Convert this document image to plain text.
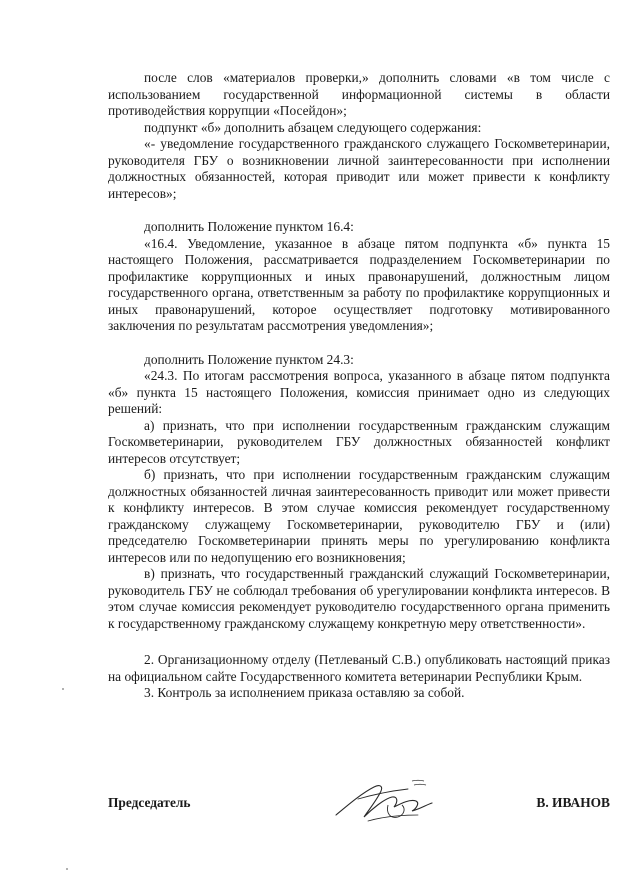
после слов «материалов проверки,» дополнить словами «в том числе с использованием государственной информационной системы в области противодействия коррупции «Посейдон»;

подпункт «б» дополнить абзацем следующего содержания:

«- уведомление государственного гражданского служащего Госкомветеринарии, руководителя ГБУ о возникновении личной заинтересованности при исполнении должностных обязанностей, которая приводит или может привести к конфликту интересов»;

дополнить Положение пунктом 16.4:

«16.4. Уведомление, указанное в абзаце пятом подпункта «б» пункта 15 настоящего Положения, рассматривается подразделением Госкомветеринарии по профилактике коррупционных и иных правонарушений, должностным лицом государственного органа, ответственным за работу по профилактике коррупционных и иных правонарушений, которое осуществляет подготовку мотивированного заключения по результатам рассмотрения уведомления»;

дополнить Положение пунктом 24.3:

«24.3. По итогам рассмотрения вопроса, указанного в абзаце пятом подпункта «б» пункта 15 настоящего Положения, комиссия принимает одно из следующих решений:

а) признать, что при исполнении государственным гражданским служащим Госкомветеринарии, руководителем ГБУ должностных обязанностей конфликт интересов отсутствует;

б) признать, что при исполнении государственным гражданским служащим должностных обязанностей личная заинтересованность приводит или может привести к конфликту интересов. В этом случае комиссия рекомендует государственному гражданскому служащему Госкомветеринарии, руководителю ГБУ и (или) председателю Госкомветеринарии принять меры по урегулированию конфликта интересов или по недопущению его возникновения;

в) признать, что государственный гражданский служащий Госкомветеринарии, руководитель ГБУ не соблюдал требования об урегулировании конфликта интересов. В этом случае комиссия рекомендует руководителю государственного органа применить к государственному гражданскому служащему конкретную меру ответственности».

2. Организационному отделу (Петлеваный С.В.) опубликовать настоящий приказ на официальном сайте Государственного комитета ветеринарии Республики Крым.

3. Контроль за исполнением приказа оставляю за собой.

Председатель	В. ИВАНОВ
